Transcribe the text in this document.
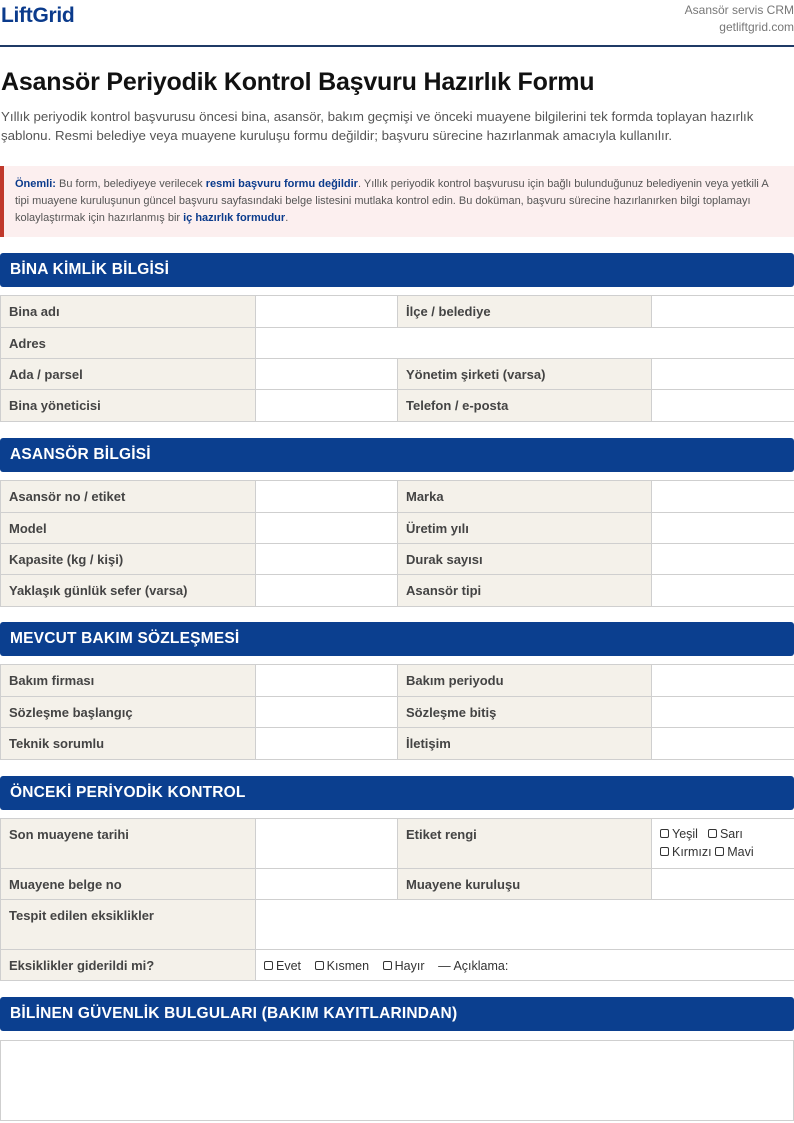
LiftGrid	Asansör servis CRM
getliftgrid.com
Asansör Periyodik Kontrol Başvuru Hazırlık Formu
Yıllık periyodik kontrol başvurusu öncesi bina, asansör, bakım geçmişi ve önceki muayene bilgilerini tek formda toplayan hazırlık şablonu. Resmi belediye veya muayene kuruluşu formu değildir; başvuru sürecine hazırlanmak amacıyla kullanılır.
Önemli: Bu form, belediyeye verilecek resmi başvuru formu değildir. Yıllık periyodik kontrol başvurusu için bağlı bulunduğunuz belediyenin veya yetkili A tipi muayene kuruluşunun güncel başvuru sayfasındaki belge listesini mutlaka kontrol edin. Bu doküman, başvuru sürecine hazırlanırken bilgi toplamayı kolaylaştırmak için hazırlanmış bir iç hazırlık formudur.
BİNA KİMLİK BİLGİSİ
Bina adı		İlçe / belediye	
Adres			
Ada / parsel		Yönetim şirketi (varsa)	
Bina yöneticisi		Telefon / e-posta	
ASANSÖR BİLGİSİ
Asansör no / etiket		Marka	
Model		Üretim yılı	
Kapasite (kg / kişi)		Durak sayısı	
Yaklaşık günlük sefer (varsa)		Asansör tipi	
MEVCUT BAKIM SÖZLEŞMESİ
Bakım firması		Bakım periyodu	
Sözleşme başlangıç		Sözleşme bitiş	
Teknik sorumlu		İletişim	
ÖNCEKİ PERİYODİK KONTROL
Son muayene tarihi		Etiket rengi	Yeşil SarıKırmızı Mavi

Muayene belge no		Muayene kuruluşu	
Tespit edilen eksiklikler			
Eksiklikler giderildi mi?	Evet Kısmen Hayır — Açıklama:		
BİLİNEN GÜVENLİK BULGULARI (BAKIM KAYITLARINDAN)
